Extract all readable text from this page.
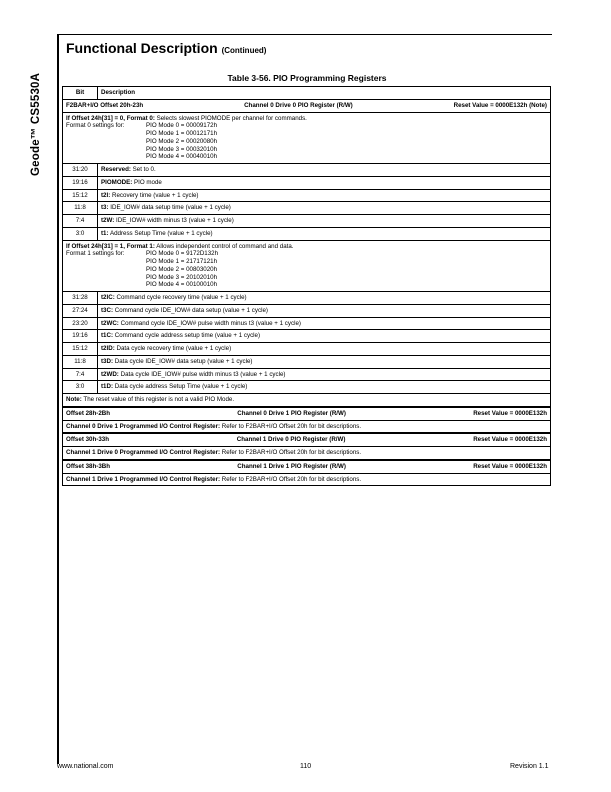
Geode™ CS5530A
Functional Description (Continued)
Table 3-56. PIO Programming Registers
Bit	Description
F2BAR+I/O Offset 20h-23h	Channel 0 Drive 0 PIO Register (R/W)	Reset Value = 0000E132h (Note)
If Offset 24h[31] = 0, Format 0: Selects slowest PIOMODE per channel for commands.
Format 0 settings for:	PIO Mode 0 = 00009172h
PIO Mode 1 = 00012171h
PIO Mode 2 = 00020080h
PIO Mode 3 = 00032010h
PIO Mode 4 = 00040010h
31:20	Reserved: Set to 0.
19:16	PIOMODE: PIO mode
15:12	t2I: Recovery time (value + 1 cycle)
11:8	t3: IDE_IOW# data setup time (value + 1 cycle)
7:4	t2W: IDE_IOW# width minus t3 (value + 1 cycle)
3:0	t1: Address Setup Time (value + 1 cycle)
If Offset 24h[31] = 1, Format 1: Allows independent control of command and data.
Format 1 settings for:	PIO Mode 0 = 9172D132h
PIO Mode 1 = 21717121h
PIO Mode 2 = 00803020h
PIO Mode 3 = 20102010h
PIO Mode 4 = 00100010h
31:28	t2IC: Command cycle recovery time (value + 1 cycle)
27:24	t3C: Command cycle IDE_IOW# data setup (value + 1 cycle)
23:20	t2WC: Command cycle IDE_IOW# pulse width minus t3 (value + 1 cycle)
19:16	t1C: Command cycle address setup time (value + 1 cycle)
15:12	t2ID: Data cycle recovery time (value + 1 cycle)
11:8	t3D: Data cycle IDE_IOW# data setup (value + 1 cycle)
7:4	t2WD: Data cycle IDE_IOW# pulse width minus t3 (value + 1 cycle)
3:0	t1D: Data cycle address Setup Time (value + 1 cycle)
Note: The reset value of this register is not a valid PIO Mode.
Offset 28h-2Bh	Channel 0 Drive 1 PIO Register (R/W)	Reset Value = 0000E132h
Channel 0 Drive 1 Programmed I/O Control Register: Refer to F2BAR+I/O Offset 20h for bit descriptions.
Offset 30h-33h	Channel 1 Drive 0 PIO Register (R/W)	Reset Value = 0000E132h
Channel 1 Drive 0 Programmed I/O Control Register: Refer to F2BAR+I/O Offset 20h for bit descriptions.
Offset 38h-3Bh	Channel 1 Drive 1 PIO Register (R/W)	Reset Value = 0000E132h
Channel 1 Drive 1 Programmed I/O Control Register: Refer to F2BAR+I/O Offset 20h for bit descriptions.
www.national.com	110	Revision 1.1
